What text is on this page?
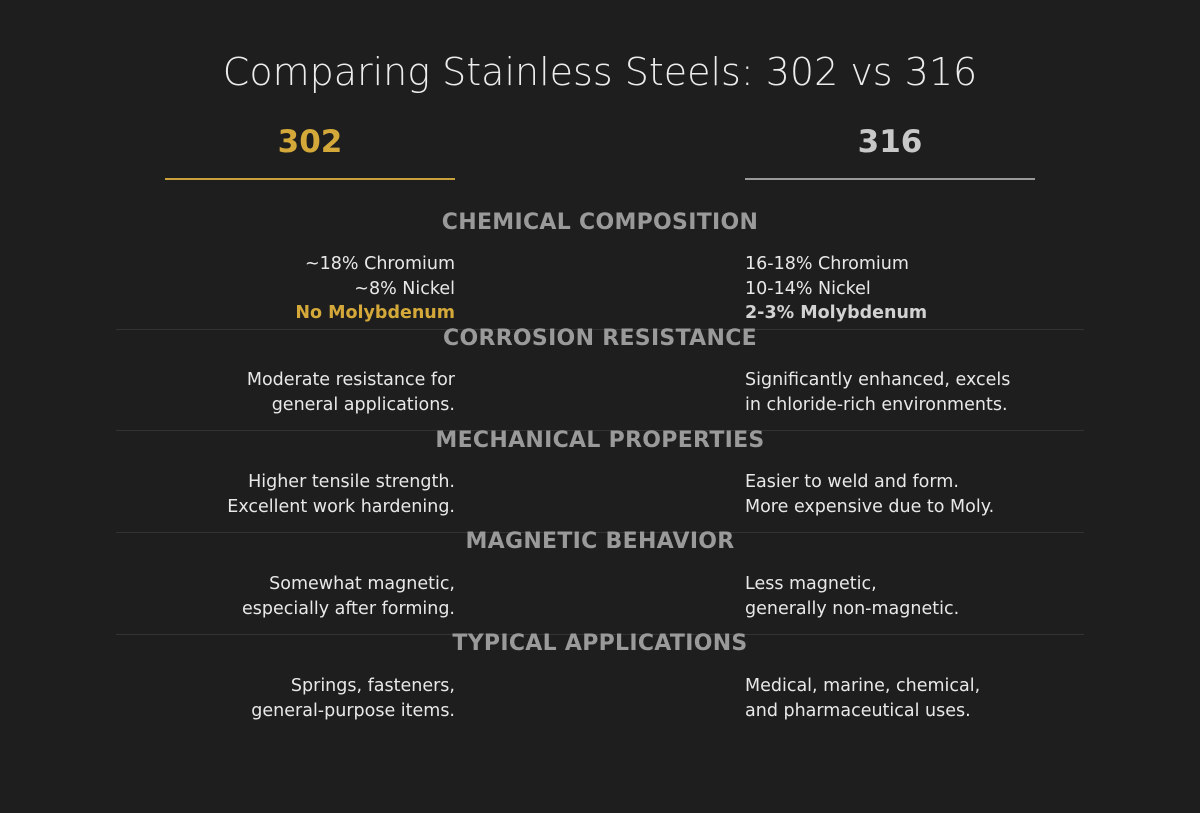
Comparing Stainless Steels: 302 vs 316
302	316
CHEMICAL COMPOSITION
~18% Chromium
~8% Nickel
No Molybdenum
16-18% Chromium
10-14% Nickel
2-3% Molybdenum
CORROSION RESISTANCE
Moderate resistance for
general applications.
Significantly enhanced, excels
in chloride-rich environments.
MECHANICAL PROPERTIES
Higher tensile strength.
Excellent work hardening.
Easier to weld and form.
More expensive due to Moly.
MAGNETIC BEHAVIOR
Somewhat magnetic,
especially after forming.
Less magnetic,
generally non-magnetic.
TYPICAL APPLICATIONS
Springs, fasteners,
general-purpose items.
Medical, marine, chemical,
and pharmaceutical uses.
